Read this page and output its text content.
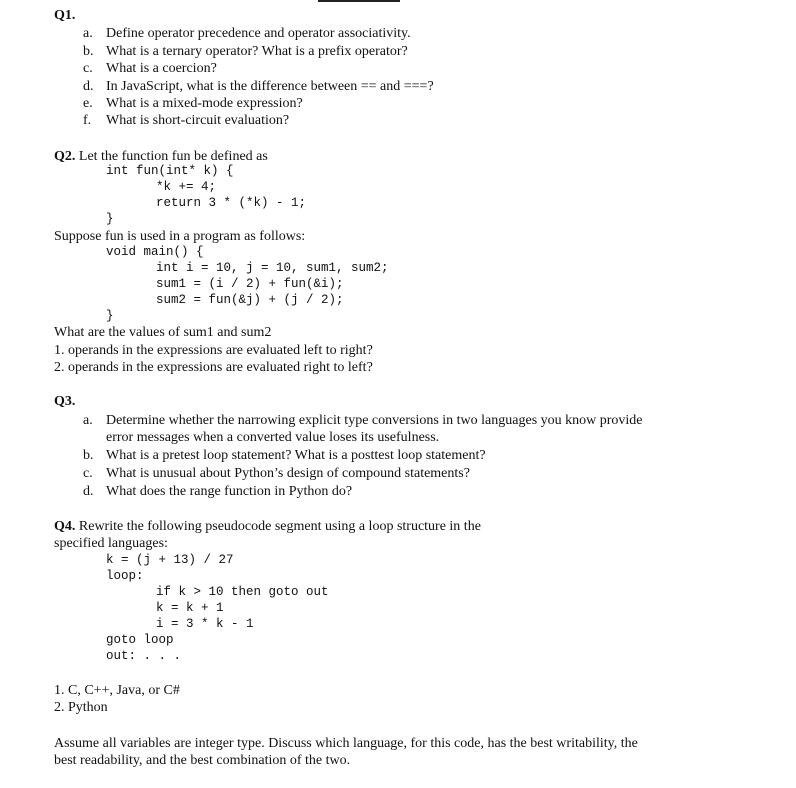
Q1.
a. Define operator precedence and operator associativity.
b. What is a ternary operator? What is a prefix operator?
c. What is a coercion?
d. In JavaScript, what is the difference between == and ===?
e. What is a mixed-mode expression?
f. What is short-circuit evaluation?
Q2. Let the function fun be defined as
int fun(int* k) {
*k += 4;
return 3 * (*k) - 1;
}
Suppose fun is used in a program as follows:
void main() {
int i = 10, j = 10, sum1, sum2;
sum1 = (i / 2) + fun(&i);
sum2 = fun(&j) + (j / 2);
}
What are the values of sum1 and sum2
1. operands in the expressions are evaluated left to right?
2. operands in the expressions are evaluated right to left?
Q3.
a. Determine whether the narrowing explicit type conversions in two languages you know provide
error messages when a converted value loses its usefulness.
b. What is a pretest loop statement? What is a posttest loop statement?
c. What is unusual about Python’s design of compound statements?
d. What does the range function in Python do?
Q4. Rewrite the following pseudocode segment using a loop structure in the
specified languages:
k = (j + 13) / 27
loop:
if k > 10 then goto out
k = k + 1
i = 3 * k - 1
goto loop
out: . . .
1. C, C++, Java, or C#
2. Python
Assume all variables are integer type. Discuss which language, for this code, has the best writability, the
best readability, and the best combination of the two.
